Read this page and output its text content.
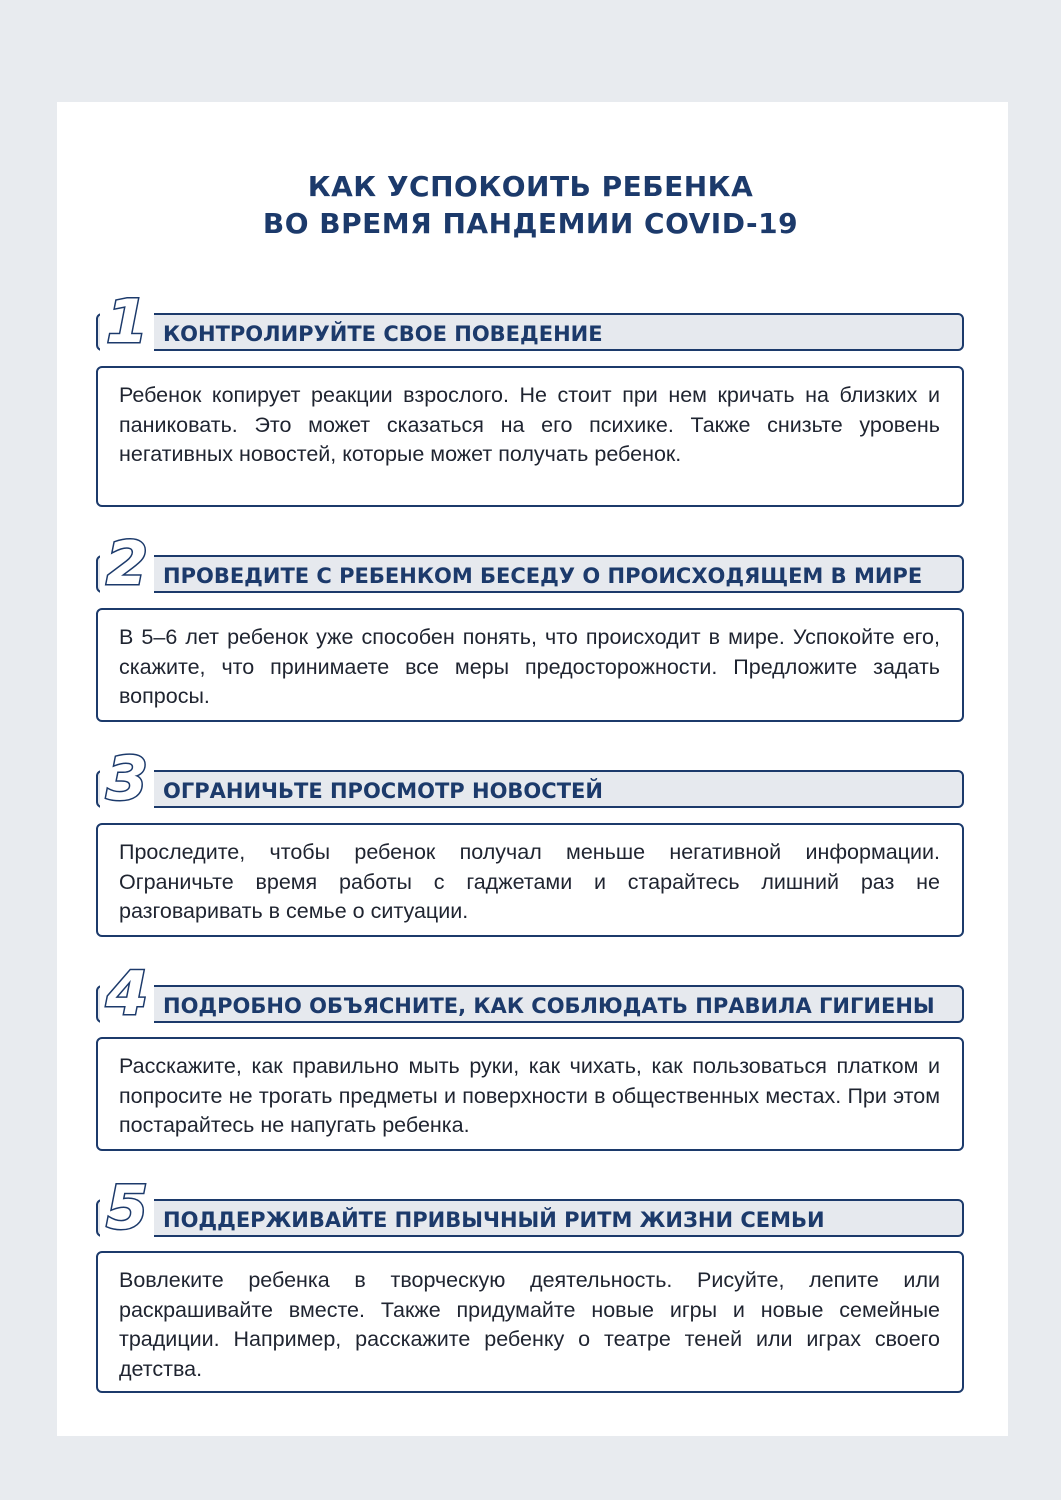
КАК УСПОКОИТЬ РЕБЕНКА
ВО ВРЕМЯ ПАНДЕМИИ COVID-19
1 КОНТРОЛИРУЙТЕ СВОЕ ПОВЕДЕНИЕ

Ребенок копирует реакции взрослого. Не стоит при нем кричать на близких и паниковать. Это может сказаться на его психике. Также снизьте уровень негативных новостей, которые может получать ребенок.

2 ПРОВЕДИТЕ С РЕБЕНКОМ БЕСЕДУ О ПРОИСХОДЯЩЕМ В МИРЕ

В 5–6 лет ребенок уже способен понять, что происходит в мире. Успокойте его, скажите, что принимаете все меры предосторожности. Предложите задать вопросы.

3 ОГРАНИЧЬТЕ ПРОСМОТР НОВОСТЕЙ

Проследите, чтобы ребенок получал меньше негативной информации. Ограничьте время работы с гаджетами и старайтесь лишний раз не разговаривать в семье о ситуации.

4 ПОДРОБНО ОБЪЯСНИТЕ, КАК СОБЛЮДАТЬ ПРАВИЛА ГИГИЕНЫ

Расскажите, как правильно мыть руки, как чихать, как пользоваться платком и попросите не трогать предметы и поверхности в общественных местах. При этом постарайтесь не напугать ребенка.

5 ПОДДЕРЖИВАЙТЕ ПРИВЫЧНЫЙ РИТМ ЖИЗНИ СЕМЬИ

Вовлеките ребенка в творческую деятельность. Рисуйте, лепите или раскрашивайте вместе. Также придумайте новые игры и новые семейные традиции. Например, расскажите ребенку о театре теней или играх своего детства.
